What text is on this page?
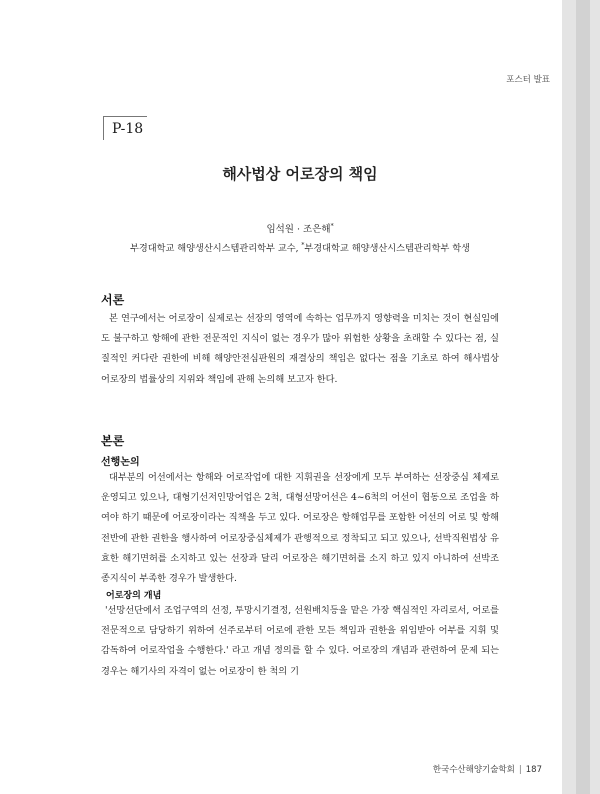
포스터 발표
P-18
해사법상 어로장의 책임
임석원 · 조은해*
부경대학교 해양생산시스템관리학부 교수, *부경대학교 해양생산시스템관리학부 학생
서론

본 연구에서는 어로장이 실제로는 선장의 영역에 속하는 업무까지 영향력을 미치는 것이 현실임에도 불구하고 항해에 관한 전문적인 지식이 없는 경우가 많아 위험한 상황을 초래할 수 있다는 점, 실질적인 커다란 권한에 비해 해양안전심판원의 재결상의 책임은 없다는 점을 기초로 하여 해사법상 어로장의 법률상의 지위와 책임에 관해 논의해 보고자 한다.

본론
선행논의

대부분의 어선에서는 항해와 어로작업에 대한 지휘권을 선장에게 모두 부여하는 선장중심 체제로 운영되고 있으나, 대형기선저인망어업은 2척, 대형선망어선은 4~6척의 어선이 협동으로 조업을 하여야 하기 때문에 어로장이라는 직책을 두고 있다. 어로장은 항해업무를 포함한 어선의 어로 및 항해 전반에 관한 권한을 행사하여 어로장중심체제가 관행적으로 정착되고 되고 있으나, 선박직원법상 유효한 해기면허를 소지하고 있는 선장과 달리 어로장은 해기면허를 소지 하고 있지 아니하여 선박조종지식이 부족한 경우가 발생한다.

어로장의 개념

'선망선단에서 조업구역의 선정, 투망시기결정, 선원배치등을 맡은 가장 핵심적인 자리로서, 어로를 전문적으로 담당하기 위하여 선주로부터 어로에 관한 모든 책임과 권한을 위임받아 어부를 지휘 및 감독하여 어로작업을 수행한다.' 라고 개념 정의를 할 수 있다. 어로장의 개념과 관련하여 문제 되는 경우는 해기사의 자격이 없는 어로장이 한 척의 기

한국수산해양기술학회 | 187
